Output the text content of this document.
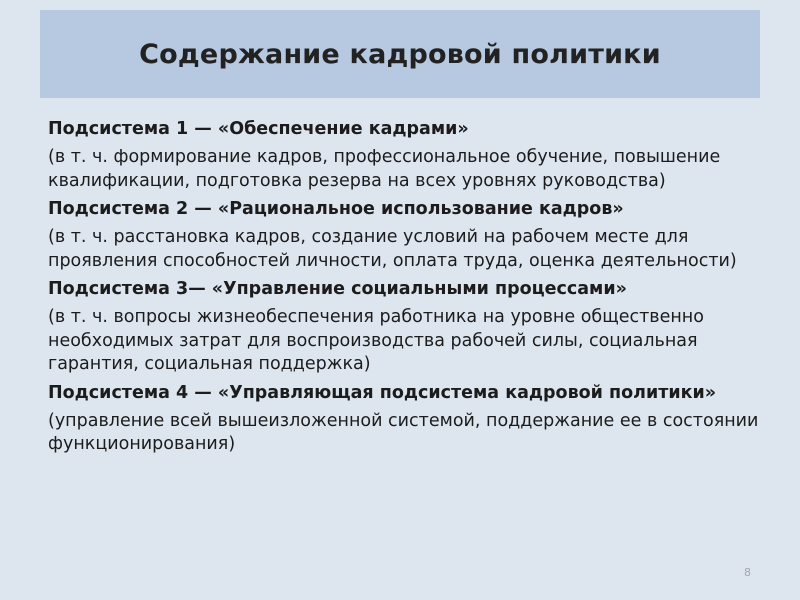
Содержание кадровой политики

Подсистема 1 — «Обеспечение кадрами»

(в т. ч. формирование кадров, профессиональное обучение, повышение квалификации, подготовка резерва на всех уровнях руководства)

Подсистема 2 — «Рациональное использование кадров»

(в т. ч. расстановка кадров, создание условий на рабочем месте для проявления способностей личности, оплата труда, оценка деятельности)

Подсистема 3— «Управление социальными процессами»

(в т. ч. вопросы жизнеобеспечения работника на уровне общественно необходимых затрат для воспроизводства рабочей силы, социальная гарантия, социальная поддержка)

Подсистема 4 — «Управляющая подсистема кадровой политики»

(управление всей вышеизложенной системой, поддержание ее в состоянии функционирования)

8
